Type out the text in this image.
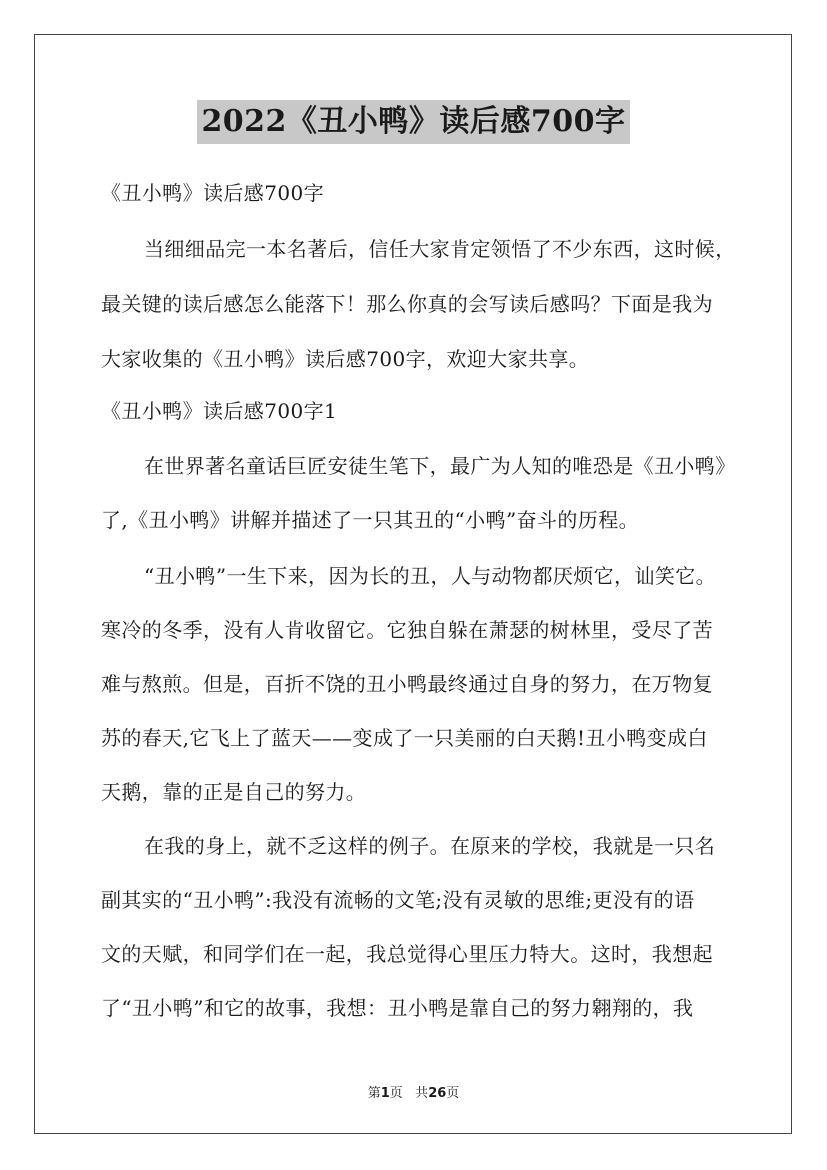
2022《丑小鸭》读后感700字
《丑小鸭》读后感700字
当细细品完一本名著后，信任大家肯定领悟了不少东西，这时候，
最关键的读后感怎么能落下！那么你真的会写读后感吗？下面是我为
大家收集的《丑小鸭》读后感700字，欢迎大家共享。
《丑小鸭》读后感700字1
在世界著名童话巨匠安徒生笔下，最广为人知的唯恐是《丑小鸭》
了,《丑小鸭》讲解并描述了一只其丑的“小鸭”奋斗的历程。
“丑小鸭”一生下来，因为长的丑，人与动物都厌烦它，讪笑它。
寒冷的冬季，没有人肯收留它。它独自躲在萧瑟的树林里，受尽了苦
难与熬煎。但是，百折不饶的丑小鸭最终通过自身的努力，在万物复
苏的春天,它飞上了蓝天——变成了一只美丽的白天鹅!丑小鸭变成白
天鹅，靠的正是自己的努力。
在我的身上，就不乏这样的例子。在原来的学校，我就是一只名
副其实的“丑小鸭”:我没有流畅的文笔;没有灵敏的思维;更没有的语
文的天赋，和同学们在一起，我总觉得心里压力特大。这时，我想起
了“丑小鸭”和它的故事，我想：丑小鸭是靠自己的努力翱翔的，我
第1页 共26页
